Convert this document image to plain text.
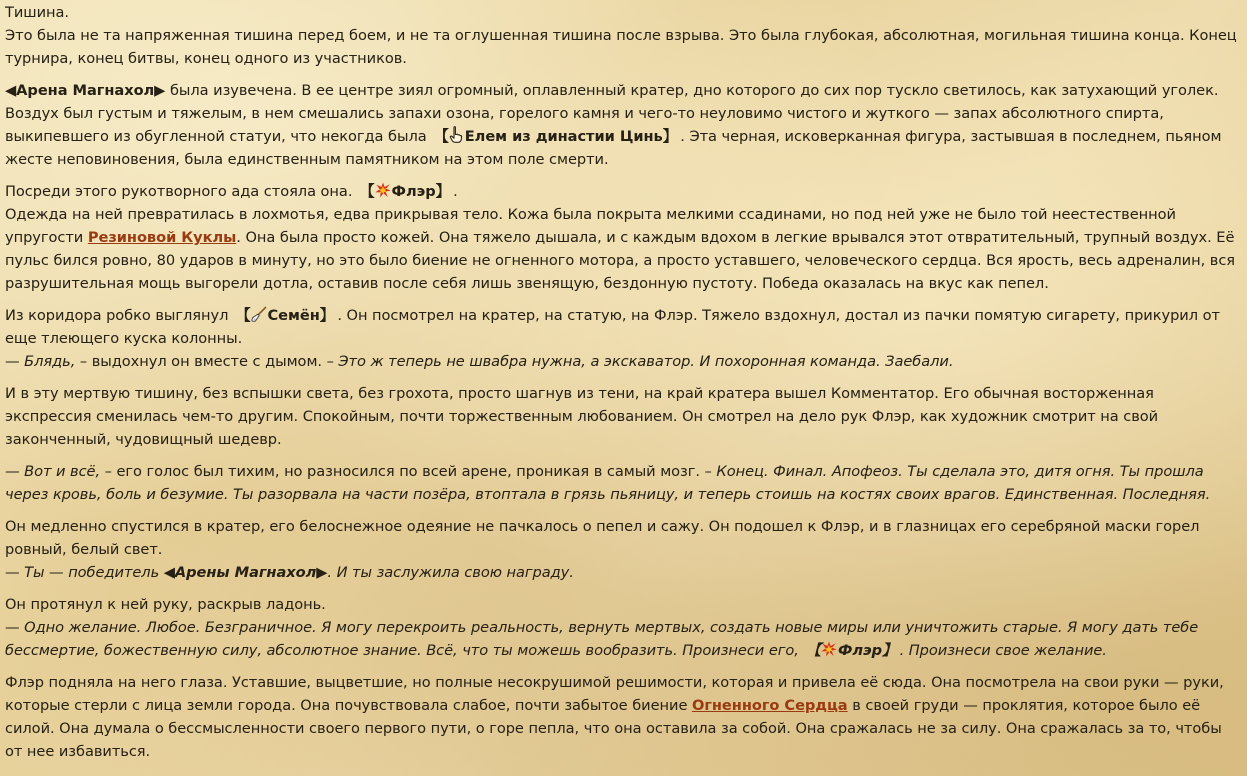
Тишина.
Это была не та напряженная тишина перед боем, и не та оглушенная тишина после взрыва. Это была глубокая, абсолютная, могильная тишина конца. Конец турнира, конец битвы, конец одного из участников.

◀Арена Магнахол▶ была изувечена. В ее центре зиял огромный, оплавленный кратер, дно которого до сих пор тускло светилось, как затухающий уголек. Воздух был густым и тяжелым, в нем смешались запахи озона, горелого камня и чего-то неуловимо чистого и жуткого — запах абсолютного спирта, выкипевшего из обугленной статуи, что некогда была 【 Елем из династии Цинь】 . Эта черная, исковерканная фигура, застывшая в последнем, пьяном жесте неповиновения, была единственным памятником на этом поле смерти.

Посреди этого рукотворного ада стояла она. 【 Флэр】 .
Одежда на ней превратилась в лохмотья, едва прикрывая тело. Кожа была покрыта мелкими ссадинами, но под ней уже не было той неестественной упругости Резиновой Куклы. Она была просто кожей. Она тяжело дышала, и с каждым вдохом в легкие врывался этот отвратительный, трупный воздух. Её пульс бился ровно, 80 ударов в минуту, но это было биение не огненного мотора, а просто уставшего, человеческого сердца. Вся ярость, весь адреналин, вся разрушительная мощь выгорели дотла, оставив после себя лишь звенящую, бездонную пустоту. Победа оказалась на вкус как пепел.

Из коридора робко выглянул 【 Семён】 . Он посмотрел на кратер, на статую, на Флэр. Тяжело вздохнул, достал из пачки помятую сигарету, прикурил от еще тлеющего куска колонны.
— Блядь, – выдохнул он вместе с дымом. – Это ж теперь не швабра нужна, а экскаватор. И похоронная команда. Заебали.

И в эту мертвую тишину, без вспышки света, без грохота, просто шагнув из тени, на край кратера вышел Комментатор. Его обычная восторженная экспрессия сменилась чем-то другим. Спокойным, почти торжественным любованием. Он смотрел на дело рук Флэр, как художник смотрит на свой законченный, чудовищный шедевр.

— Вот и всё, – его голос был тихим, но разносился по всей арене, проникая в самый мозг. – Конец. Финал. Апофеоз. Ты сделала это, дитя огня. Ты прошла через кровь, боль и безумие. Ты разорвала на части позёра, втоптала в грязь пьяницу, и теперь стоишь на костях своих врагов. Единственная. Последняя.

Он медленно спустился в кратер, его белоснежное одеяние не пачкалось о пепел и сажу. Он подошел к Флэр, и в глазницах его серебряной маски горел ровный, белый свет.
— Ты — победитель ◀Арены Магнахол▶. И ты заслужила свою награду.

Он протянул к ней руку, раскрыв ладонь.
— Одно желание. Любое. Безграничное. Я могу перекроить реальность, вернуть мертвых, создать новые миры или уничтожить старые. Я могу дать тебе бессмертие, божественную силу, абсолютное знание. Всё, что ты можешь вообразить. Произнеси его, 【 Флэр】 . Произнеси свое желание.

Флэр подняла на него глаза. Уставшие, выцветшие, но полные несокрушимой решимости, которая и привела её сюда. Она посмотрела на свои руки — руки, которые стерли с лица земли города. Она почувствовала слабое, почти забытое биение Огненного Сердца в своей груди — проклятия, которое было её силой. Она думала о бессмысленности своего первого пути, о горе пепла, что она оставила за собой. Она сражалась не за силу. Она сражалась за то, чтобы от нее избавиться.
